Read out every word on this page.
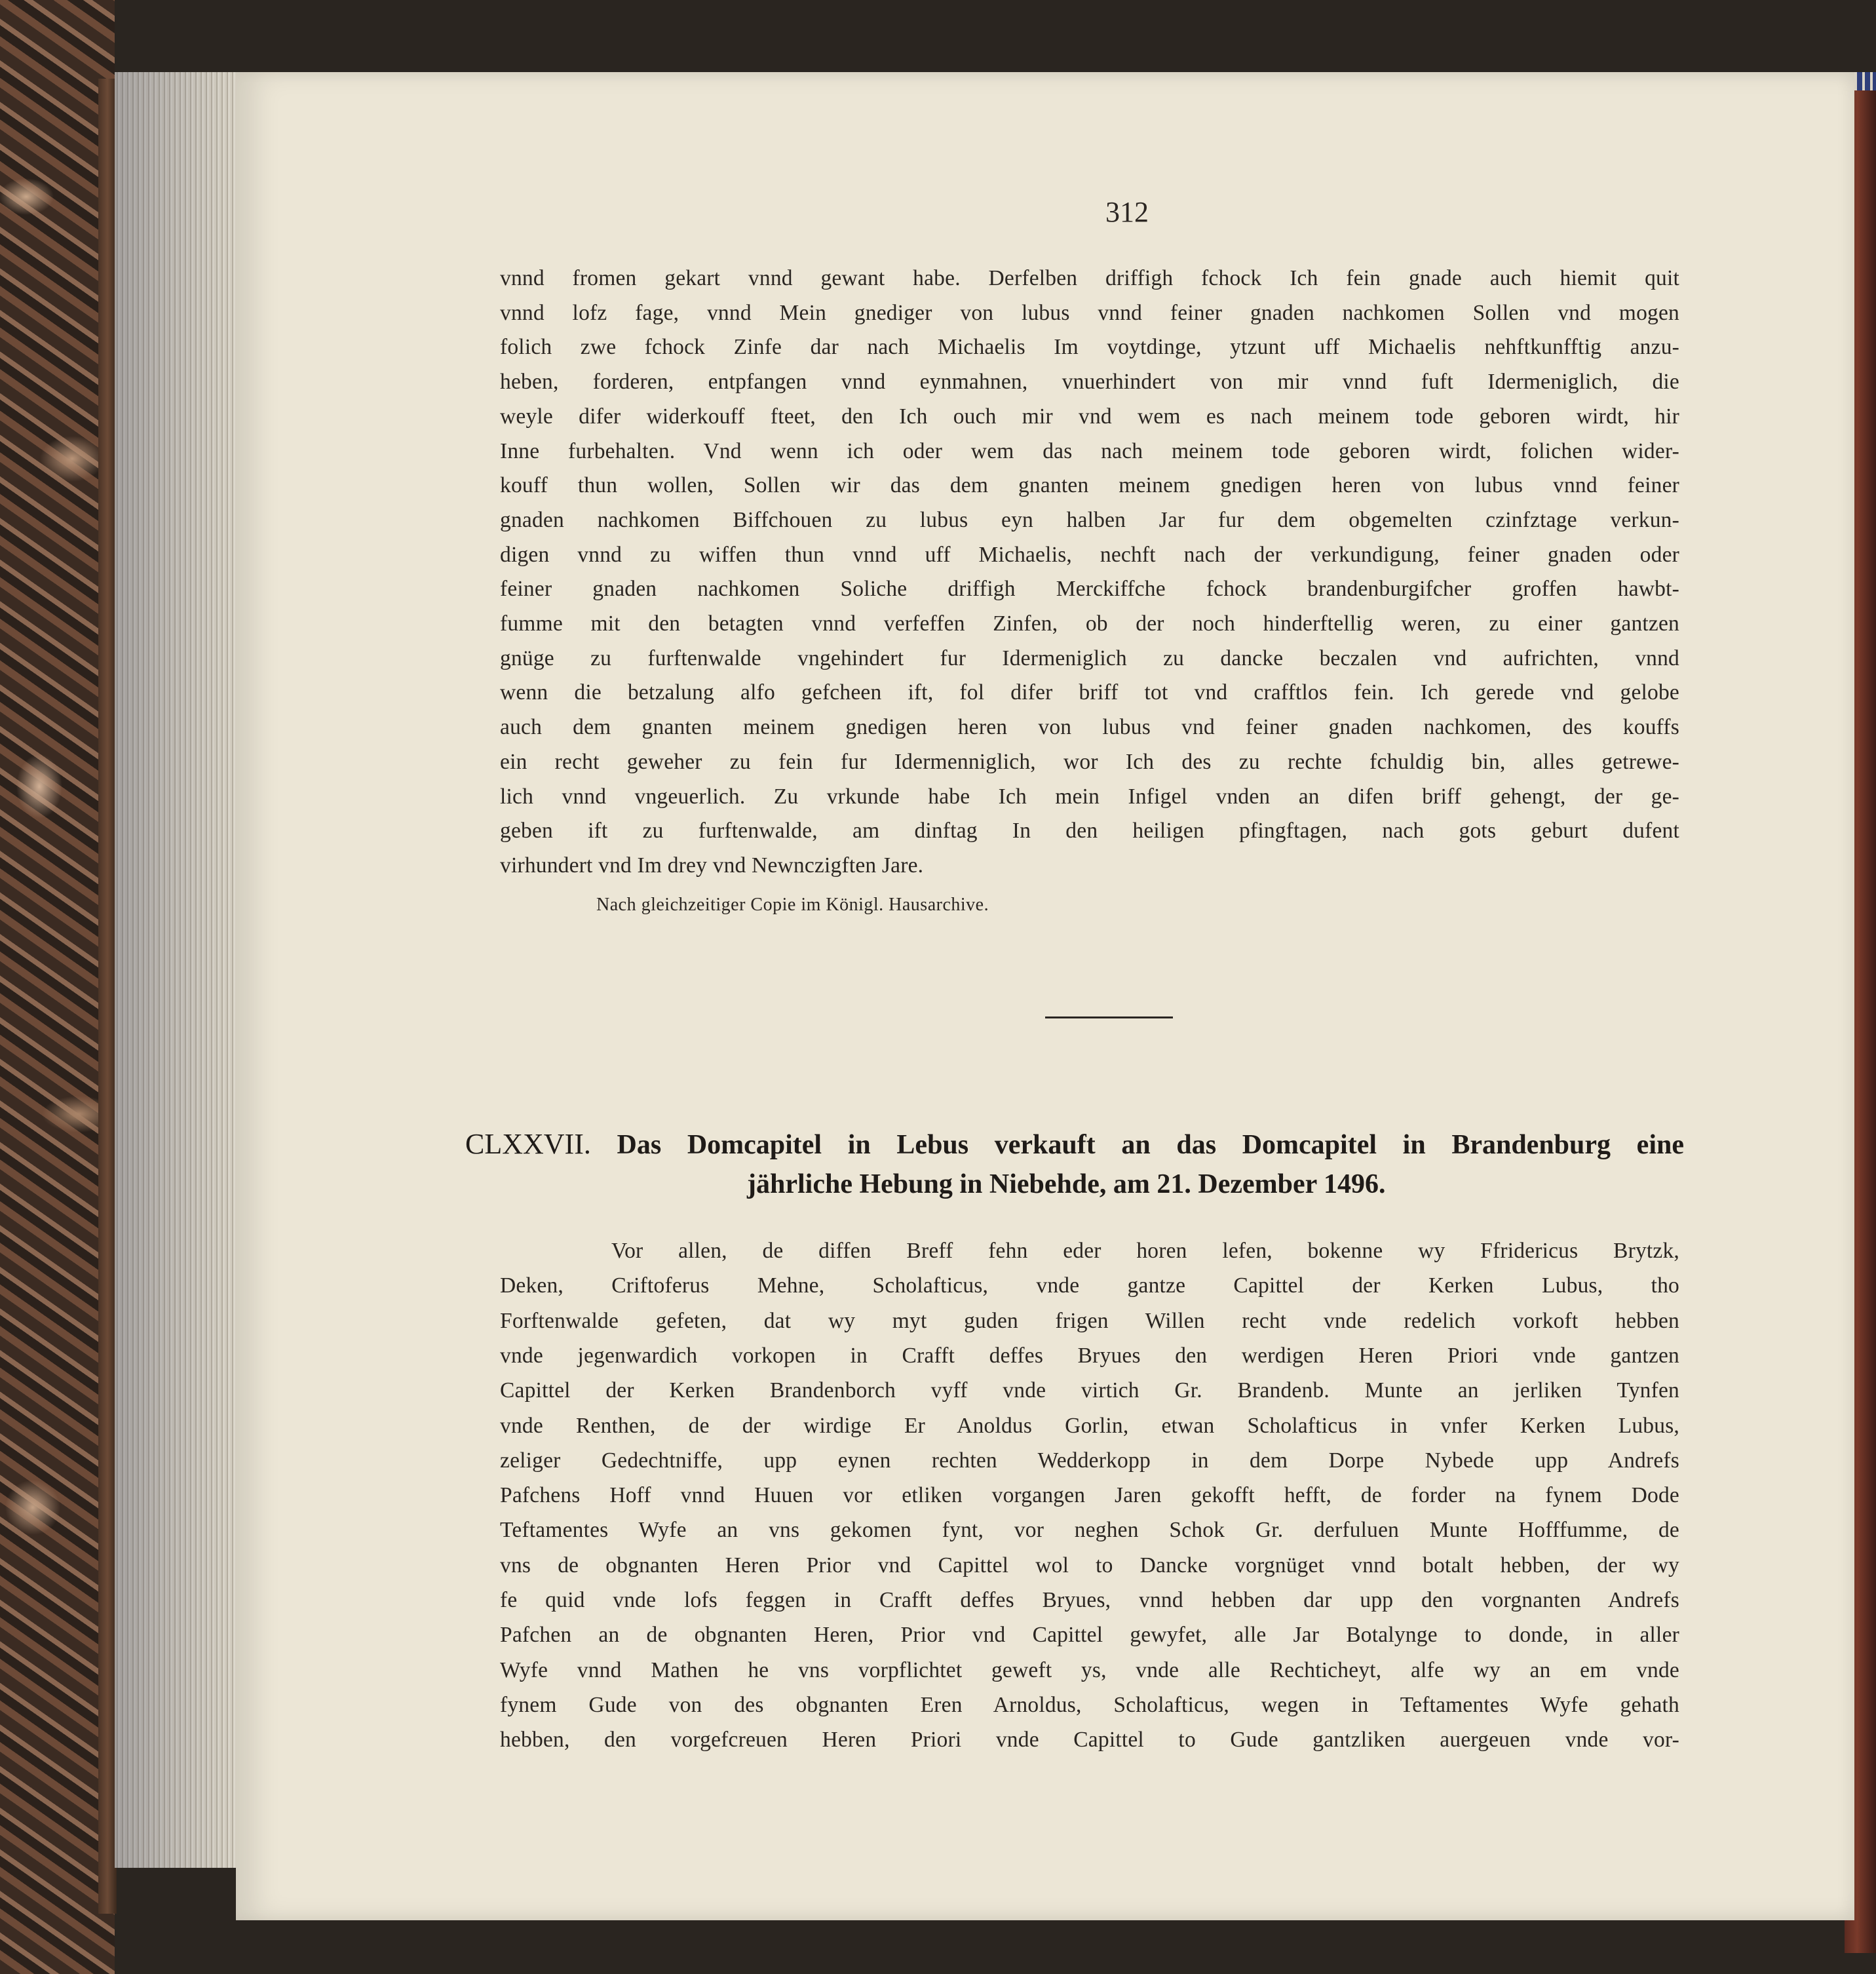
312
vnnd fromen gekart vnnd gewant habe. Derfelben driffigh fchock Ich fein gnade auch hiemit quit
vnnd lofz fage, vnnd Mein gnediger von lubus vnnd feiner gnaden nachkomen Sollen vnd mogen
folich zwe fchock Zinfe dar nach Michaelis Im voytdinge, ytzunt uff Michaelis nehftkunfftig anzu-
heben, forderen, entpfangen vnnd eynmahnen, vnuerhindert von mir vnnd fuft Idermeniglich, die
weyle difer widerkouff fteet, den Ich ouch mir vnd wem es nach meinem tode geboren wirdt, hir
Inne furbehalten. Vnd wenn ich oder wem das nach meinem tode geboren wirdt, folichen wider-
kouff thun wollen, Sollen wir das dem gnanten meinem gnedigen heren von lubus vnnd feiner
gnaden nachkomen Biffchouen zu lubus eyn halben Jar fur dem obgemelten czinfztage verkun-
digen vnnd zu wiffen thun vnnd uff Michaelis, nechft nach der verkundigung, feiner gnaden oder
feiner gnaden nachkomen Soliche driffigh Merckiffche fchock brandenburgifcher groffen hawbt-
fumme mit den betagten vnnd verfeffen Zinfen, ob der noch hinderftellig weren, zu einer gantzen
gnüge zu furftenwalde vngehindert fur Idermeniglich zu dancke beczalen vnd aufrichten, vnnd
wenn die betzalung alfo gefcheen ift, fol difer briff tot vnd crafftlos fein. Ich gerede vnd gelobe
auch dem gnanten meinem gnedigen heren von lubus vnd feiner gnaden nachkomen, des kouffs
ein recht geweher zu fein fur Idermenniglich, wor Ich des zu rechte fchuldig bin, alles getrewe-
lich vnnd vngeuerlich. Zu vrkunde habe Ich mein Infigel vnden an difen briff gehengt, der ge-
geben ift zu furftenwalde, am dinftag In den heiligen pfingftagen, nach gots geburt dufent
virhundert vnd Im drey vnd Newnczigften Jare.
Nach gleichzeitiger Copie im Königl. Hausarchive.
CLXXVII. Das Domcapitel in Lebus verkauft an das Domcapitel in Brandenburg eine
jährliche Hebung in Niebehde, am 21. Dezember 1496.
Vor allen, de diffen Breff fehn eder horen lefen, bokenne wy Ffridericus Brytzk,
Deken, Criftoferus Mehne, Scholafticus, vnde gantze Capittel der Kerken Lubus, tho
Forftenwalde gefeten, dat wy myt guden frigen Willen recht vnde redelich vorkoft hebben
vnde jegenwardich vorkopen in Crafft deffes Bryues den werdigen Heren Priori vnde gantzen
Capittel der Kerken Brandenborch vyff vnde virtich Gr. Brandenb. Munte an jerliken Tynfen
vnde Renthen, de der wirdige Er Anoldus Gorlin, etwan Scholafticus in vnfer Kerken Lubus,
zeliger Gedechtniffe, upp eynen rechten Wedderkopp in dem Dorpe Nybede upp Andrefs
Pafchens Hoff vnnd Huuen vor etliken vorgangen Jaren gekofft hefft, de forder na fynem Dode
Teftamentes Wyfe an vns gekomen fynt, vor neghen Schok Gr. derfuluen Munte Hofffumme, de
vns de obgnanten Heren Prior vnd Capittel wol to Dancke vorgnüget vnnd botalt hebben, der wy
fe quid vnde lofs feggen in Crafft deffes Bryues, vnnd hebben dar upp den vorgnanten Andrefs
Pafchen an de obgnanten Heren, Prior vnd Capittel gewyfet, alle Jar Botalynge to donde, in aller
Wyfe vnnd Mathen he vns vorpflichtet geweft ys, vnde alle Rechticheyt, alfe wy an em vnde
fynem Gude von des obgnanten Eren Arnoldus, Scholafticus, wegen in Teftamentes Wyfe gehath
hebben, den vorgefcreuen Heren Priori vnde Capittel to Gude gantzliken auergeuen vnde vor-
